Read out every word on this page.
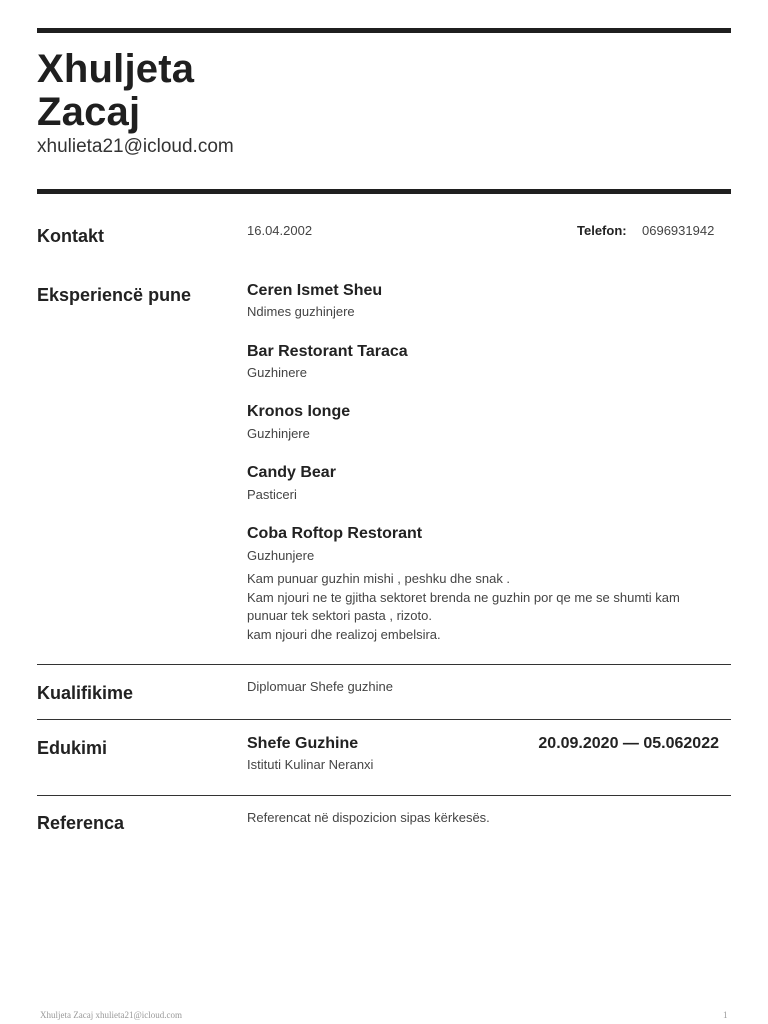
Xhuljeta
Zacaj
xhulieta21@icloud.com
Kontakt	16.04.2002	Telefon: 0696931942
Eksperiencë pune	Ceren Ismet Sheu
Ndimes guzhinjere
Bar Restorant Taraca
Guzhinere
Kronos Ionge
Guzhinjere
Candy Bear
Pasticeri
Coba Roftop Restorant
Guzhunjere
Kam punuar guzhin mishi , peshku dhe snak .
Kam njouri ne te gjitha sektoret brenda ne guzhin por qe me se shumti kam
punuar tek sektori pasta , rizoto.
kam njouri dhe realizoj embelsira.
Kualifikime	Diplomuar Shefe guzhine
Edukimi	Shefe Guzhine	20.09.2020 — 05.062022
Istituti Kulinar Neranxi
Referenca	Referencat në dispozicion sipas kërkesës.
Xhuljeta Zacaj xhulieta21@icloud.com	1
